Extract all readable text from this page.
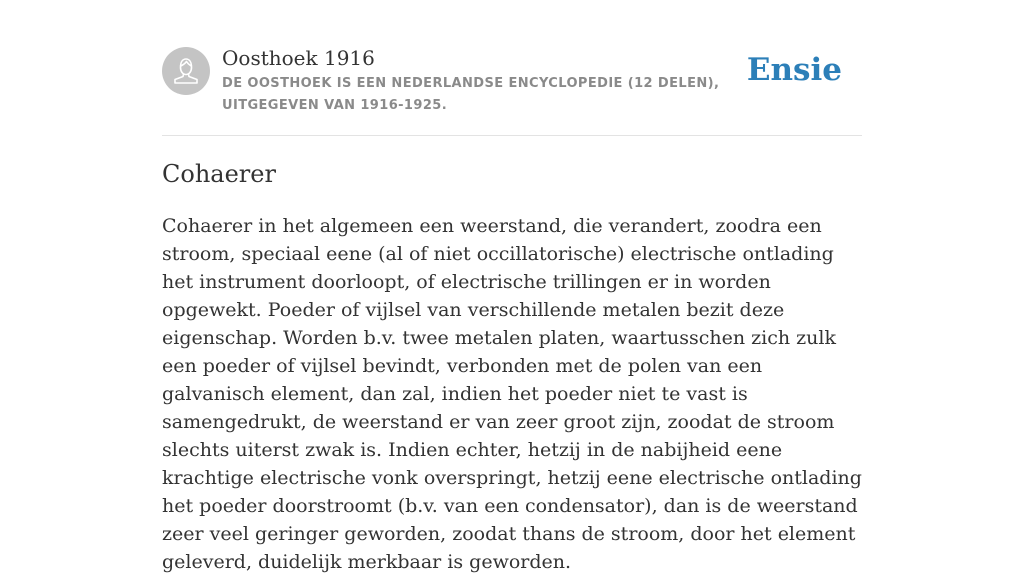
Oosthoek 1916
DE OOSTHOEK IS EEN NEDERLANDSE ENCYCLOPEDIE (12 DELEN), UITGEGEVEN VAN 1916-1925.
Ensie
Cohaerer

Cohaerer in het algemeen een weerstand, die verandert, zoodra een stroom, speciaal eene (al of niet occillatorische) electrische ontlading het instrument doorloopt, of electrische trillingen er in worden opgewekt. Poeder of vijlsel van verschillende metalen bezit deze eigenschap. Worden b.v. twee metalen platen, waartusschen zich zulk een poeder of vijlsel bevindt, verbonden met de polen van een galvanisch element, dan zal, indien het poeder niet te vast is samengedrukt, de weerstand er van zeer groot zijn, zoodat de stroom slechts uiterst zwak is. Indien echter, hetzij in de nabijheid eene krachtige electrische vonk overspringt, hetzij eene electrische ontlading het poeder doorstroomt (b.v. van een condensator), dan is de weerstand zeer veel geringer geworden, zoodat thans de stroom, door het element geleverd, duidelijk merkbaar is geworden.
